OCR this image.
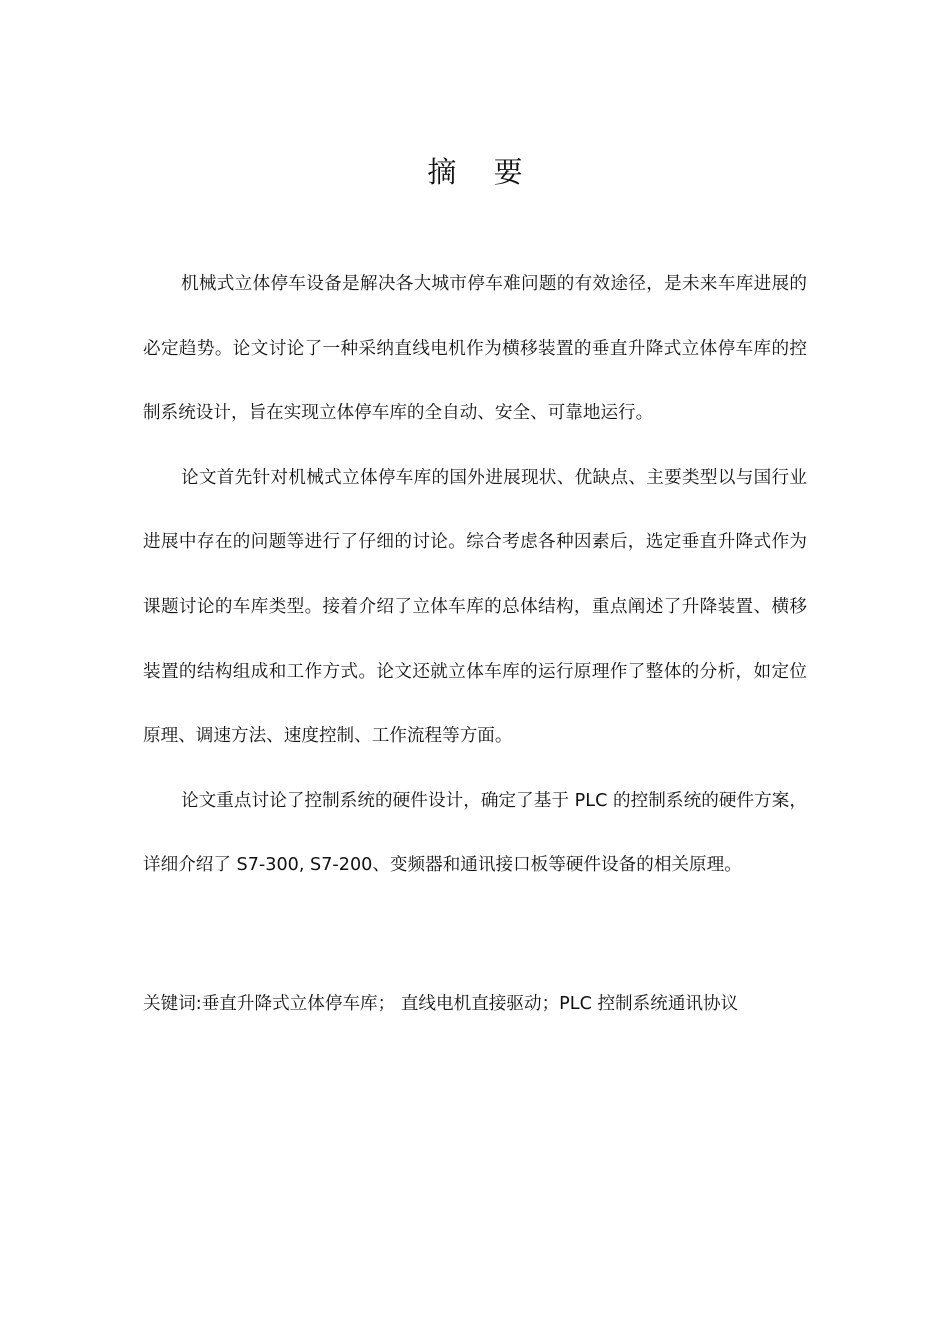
摘 要

机械式立体停车设备是解决各大城市停车难问题的有效途径，是未来车库进展的必定趋势。论文讨论了一种采纳直线电机作为横移装置的垂直升降式立体停车库的控制系统设计，旨在实现立体停车库的全自动、安全、可靠地运行。

论文首先针对机械式立体停车库的国外进展现状、优缺点、主要类型以与国行业进展中存在的问题等进行了仔细的讨论。综合考虑各种因素后，选定垂直升降式作为课题讨论的车库类型。接着介绍了立体车库的总体结构，重点阐述了升降装置、横移装置的结构组成和工作方式。论文还就立体车库的运行原理作了整体的分析，如定位原理、调速方法、速度控制、工作流程等方面。

论文重点讨论了控制系统的硬件设计，确定了基于 PLC 的控制系统的硬件方案，详细介绍了 S7-300, S7-200、变频器和通讯接口板等硬件设备的相关原理。

关键词:垂直升降式立体停车库； 直线电机直接驱动；PLC 控制系统通讯协议
